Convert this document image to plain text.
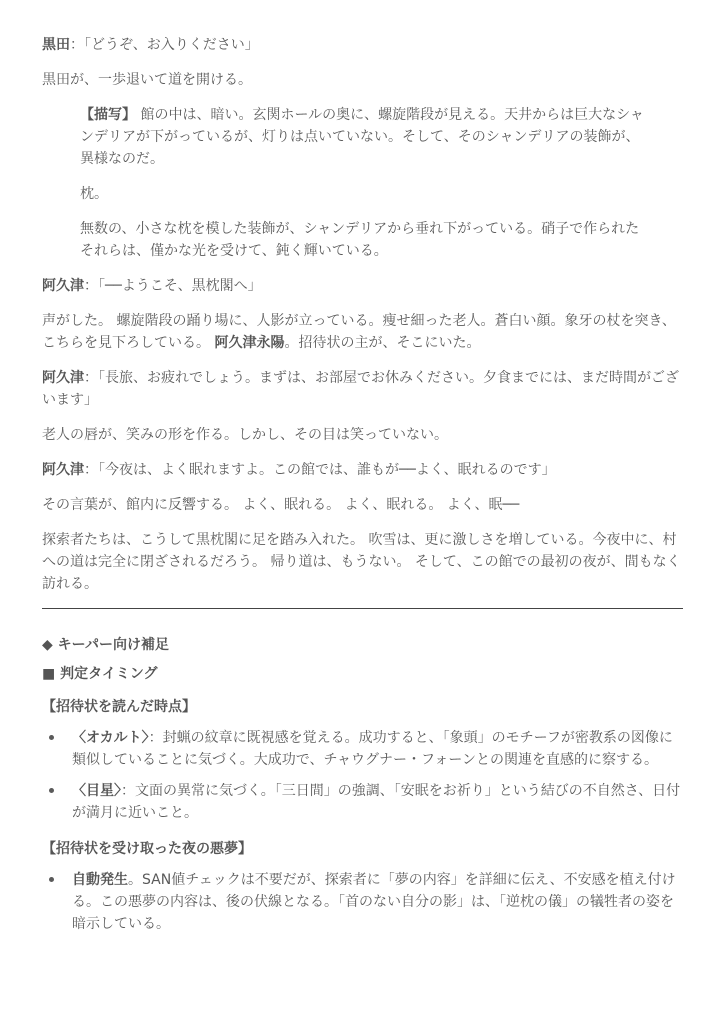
黒田：「どうぞ、お入りください」

黒田が、一歩退いて道を開ける。

【描写】 館の中は、暗い。玄関ホールの奥に、螺旋階段が見える。天井からは巨大なシャンデリアが下がっているが、灯りは点いていない。そして、そのシャンデリアの装飾が、異様なのだ。

枕。

無数の、小さな枕を模した装飾が、シャンデリアから垂れ下がっている。硝子で作られたそれらは、僅かな光を受けて、鈍く輝いている。

阿久津：「──ようこそ、黒枕閣へ」

声がした。 螺旋階段の踊り場に、人影が立っている。痩せ細った老人。蒼白い顔。象牙の杖を突き、こちらを見下ろしている。 阿久津永陽。招待状の主が、そこにいた。

阿久津：「長旅、お疲れでしょう。まずは、お部屋でお休みください。夕食までには、まだ時間がございます」

老人の唇が、笑みの形を作る。しかし、その目は笑っていない。

阿久津：「今夜は、よく眠れますよ。この館では、誰もが──よく、眠れるのです」

その言葉が、館内に反響する。 よく、眠れる。 よく、眠れる。 よく、眠──

探索者たちは、こうして黒枕閣に足を踏み入れた。 吹雪は、更に激しさを増している。今夜中に、村への道は完全に閉ざされるだろう。 帰り道は、もうない。 そして、この館での最初の夜が、間もなく訪れる。

◆ キーパー向け補足

■ 判定タイミング

【招待状を読んだ時点】

〈オカルト〉：封蝋の紋章に既視感を覚える。成功すると、「象頭」のモチーフが密教系の図像に類似していることに気づく。大成功で、チャウグナー・フォーンとの関連を直感的に察する。
〈目星〉：文面の異常に気づく。「三日間」の強調、「安眠をお祈り」という結びの不自然さ、日付が満月に近いこと。

【招待状を受け取った夜の悪夢】

自動発生。SAN値チェックは不要だが、探索者に「夢の内容」を詳細に伝え、不安感を植え付ける。この悪夢の内容は、後の伏線となる。「首のない自分の影」は、「逆枕の儀」の犠牲者の姿を暗示している。
